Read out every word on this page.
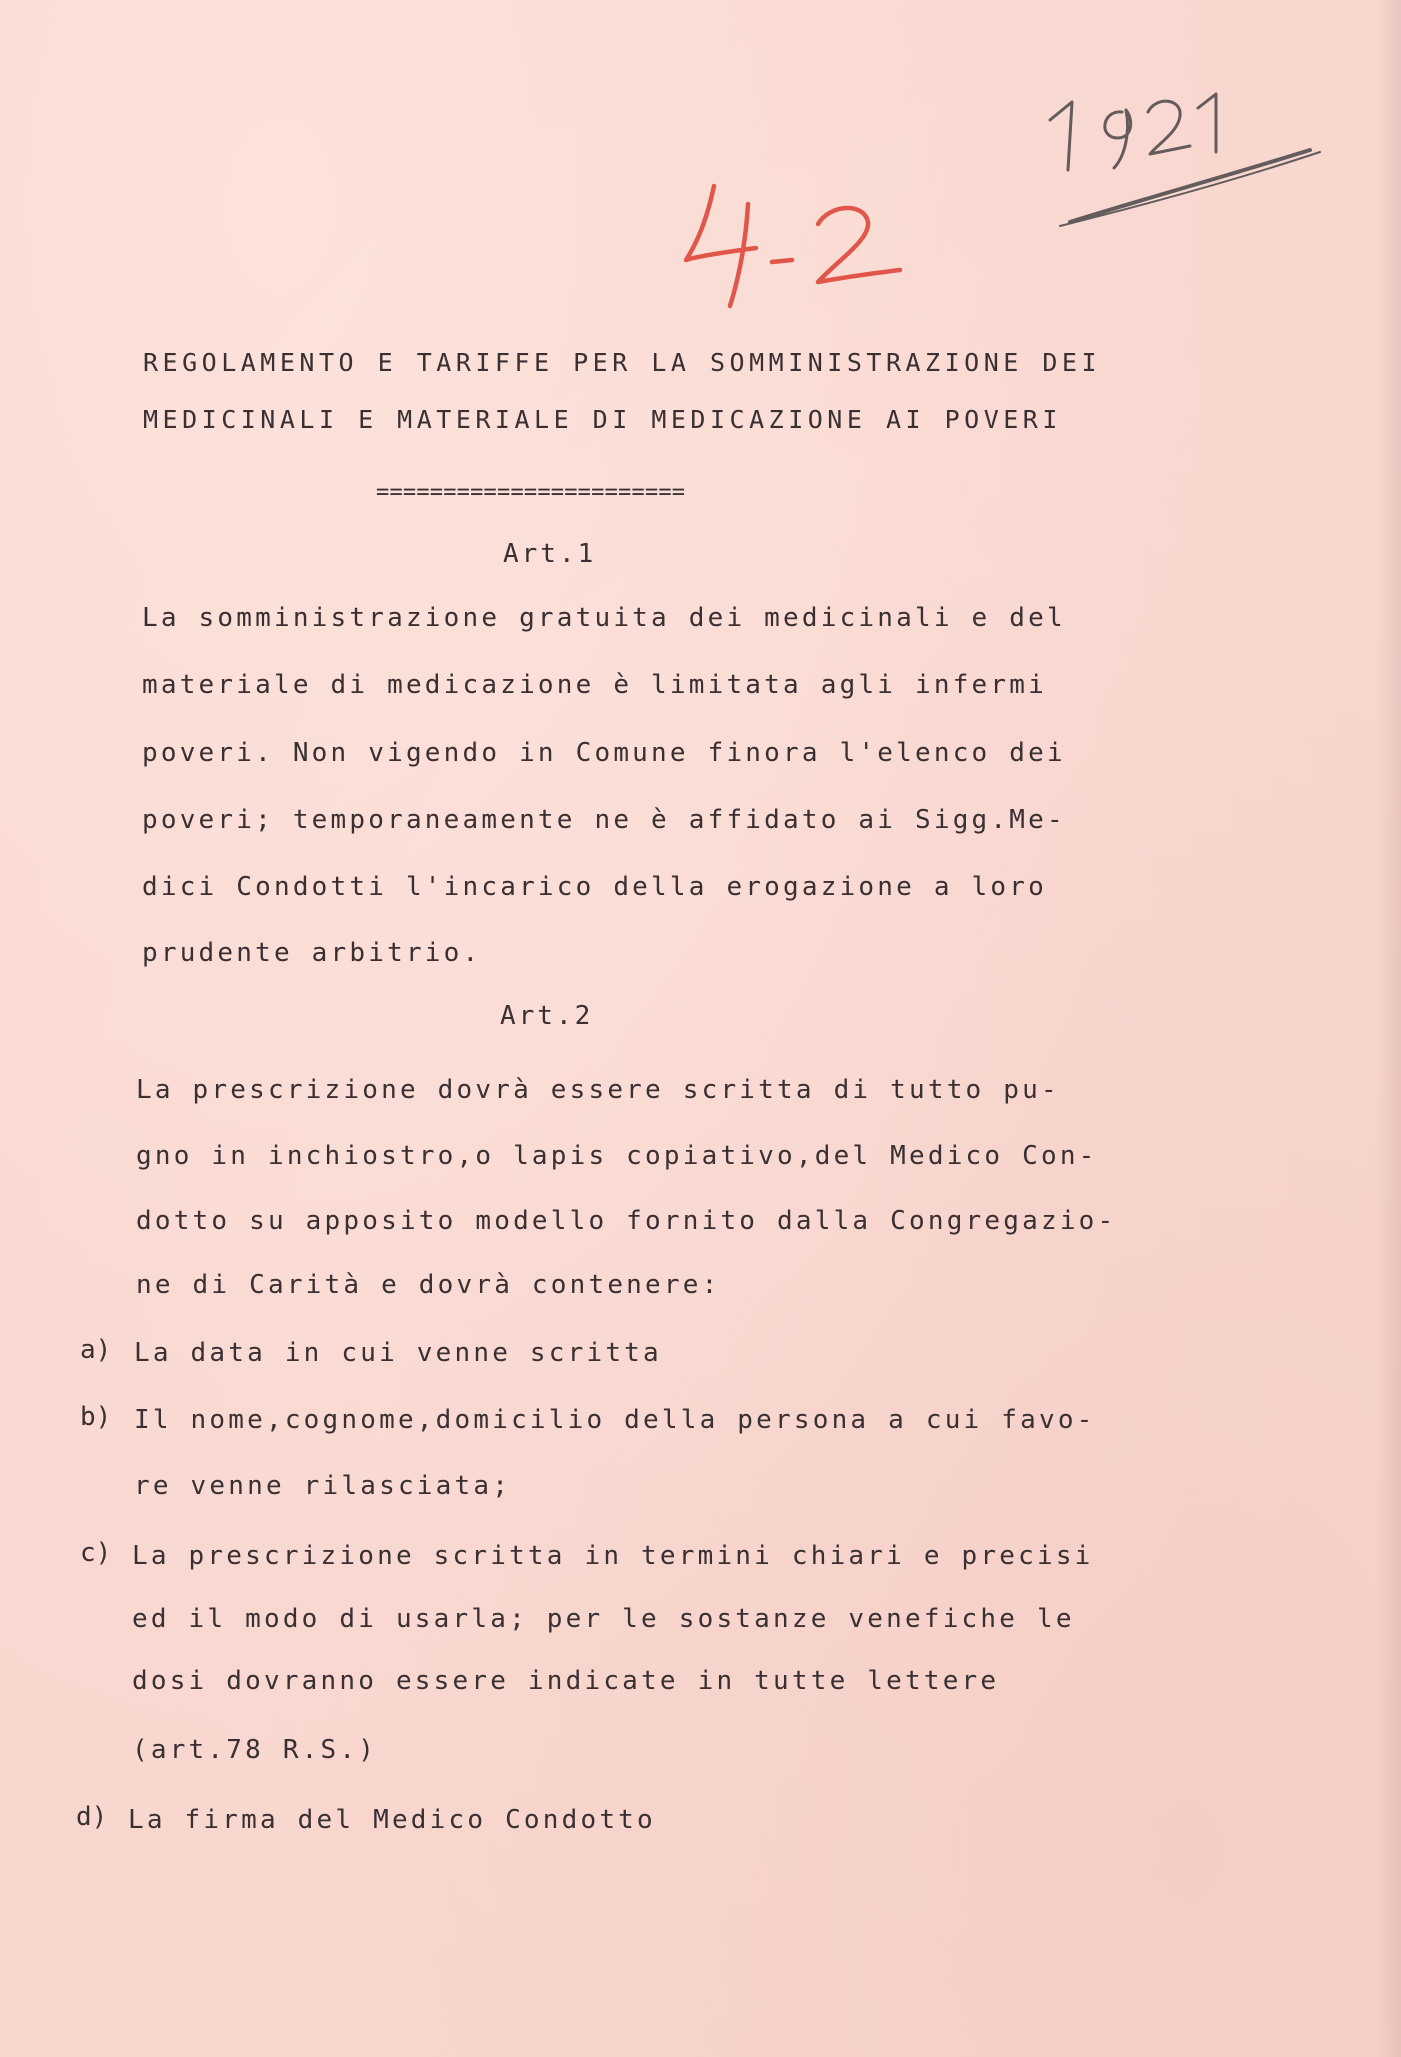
REGOLAMENTO E TARIFFE PER LA SOMMINISTRAZIONE DEI
MEDICINALI E MATERIALE DI MEDICAZIONE AI POVERI
=======================
Art.1
La somministrazione gratuita dei medicinali e del
materiale di medicazione è limitata agli infermi
poveri. Non vigendo in Comune finora l'elenco dei
poveri; temporaneamente ne è affidato ai Sigg.Me-
dici Condotti l'incarico della erogazione a loro
prudente arbitrio.
Art.2
La prescrizione dovrà essere scritta di tutto pu-
gno in inchiostro,o lapis copiativo,del Medico Con-
dotto su apposito modello fornito dalla Congregazio-
ne di Carità e dovrà contenere:
a) La data in cui venne scritta
b) Il nome,cognome,domicilio della persona a cui favo-
re venne rilasciata;
c) La prescrizione scritta in termini chiari e precisi
ed il modo di usarla; per le sostanze venefiche le
dosi dovranno essere indicate in tutte lettere
(art.78 R.S.)
d) La firma del Medico Condotto
